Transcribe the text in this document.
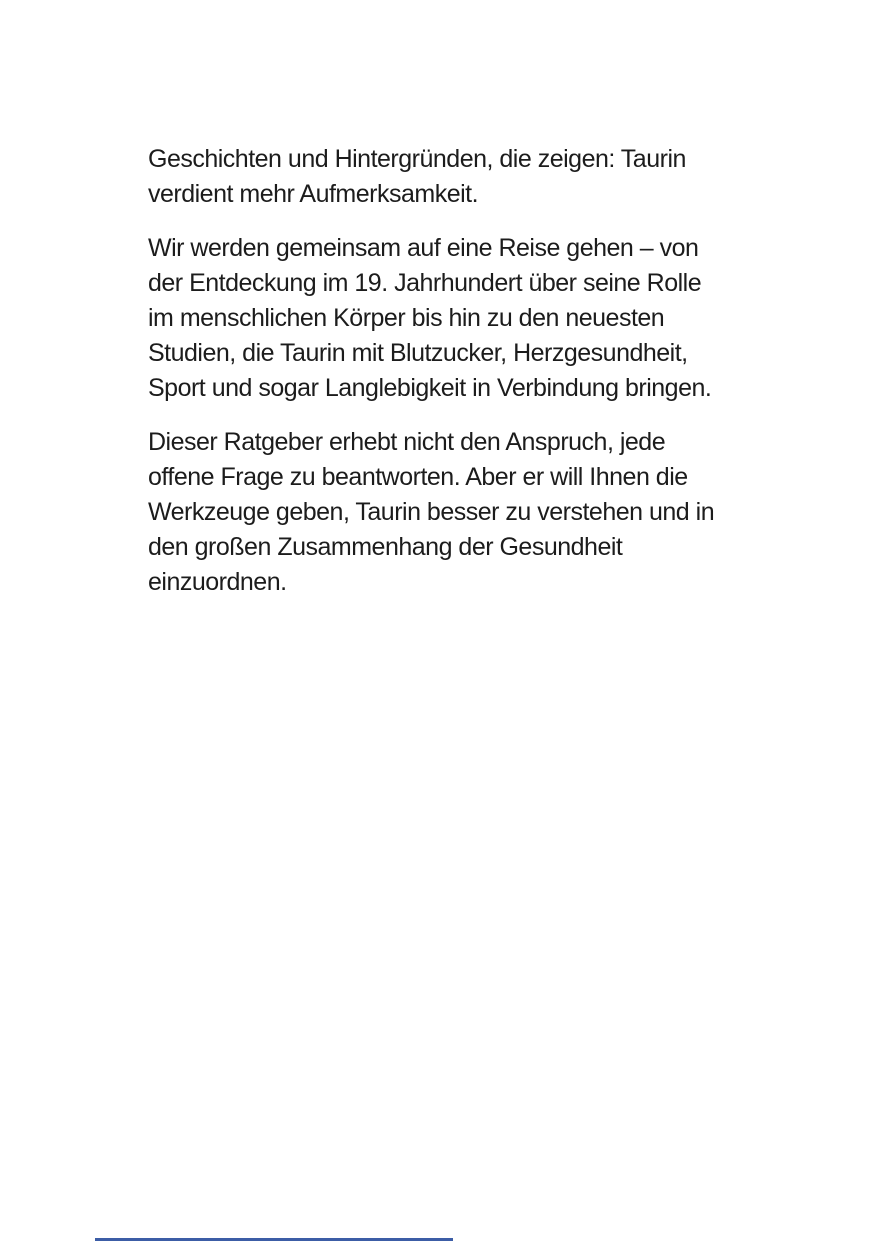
Geschichten und Hintergründen, die zeigen: Taurin
verdient mehr Aufmerksamkeit.
Wir werden gemeinsam auf eine Reise gehen – von
der Entdeckung im 19. Jahrhundert über seine Rolle
im menschlichen Körper bis hin zu den neuesten
Studien, die Taurin mit Blutzucker, Herzgesundheit,
Sport und sogar Langlebigkeit in Verbindung bringen.
Dieser Ratgeber erhebt nicht den Anspruch, jede
offene Frage zu beantworten. Aber er will Ihnen die
Werkzeuge geben, Taurin besser zu verstehen und in
den großen Zusammenhang der Gesundheit
einzuordnen.
